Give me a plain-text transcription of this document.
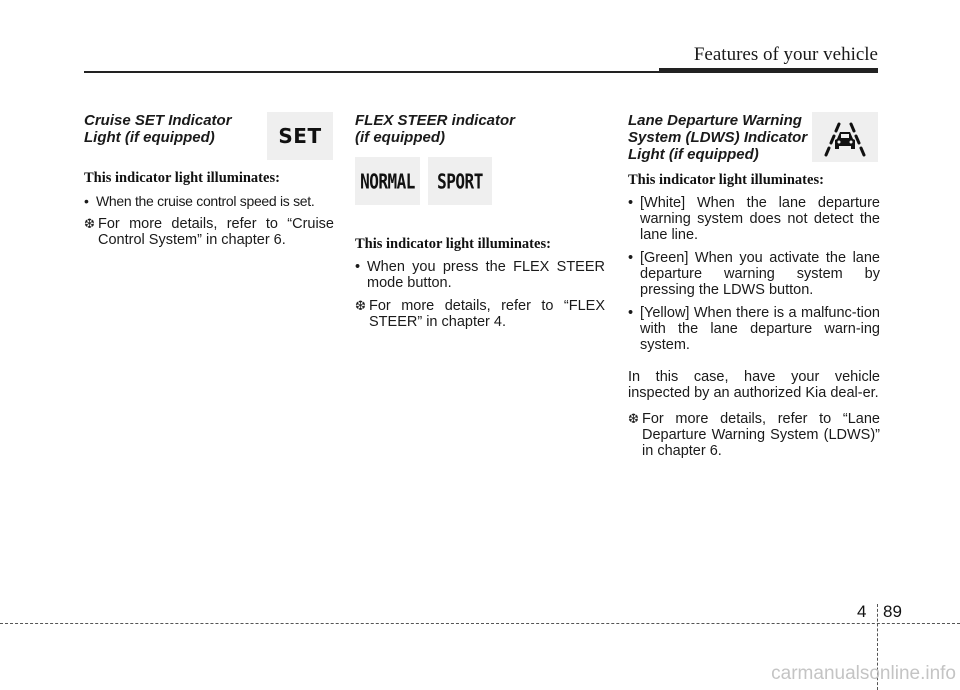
Features of your vehicle

Cruise SET Indicator
Light (if equipped)

This indicator light illuminates:

• When the cruise control speed is set.

❆ For more details, refer to “Cruise Control System” in chapter 6.

SET

FLEX STEER indicator
(if equipped)

This indicator light illuminates:

• When you press the FLEX STEER mode button.

❆ For more details, refer to “FLEX STEER” in chapter 4.

NORMAL SPORT

Lane Departure Warning
System (LDWS) Indicator
Light (if equipped)

This indicator light illuminates:

• [White] When the lane departure warning system does not detect the lane line.

• [Green] When you activate the lane departure warning system by pressing the LDWS button.

• [Yellow] When there is a malfunc-tion with the lane departure warn-ing system.

In this case, have your vehicle inspected by an authorized Kia deal-er.

❆ For more details, refer to “Lane Departure Warning System (LDWS)” in chapter 6.

4 89
carmanualsonline.info
